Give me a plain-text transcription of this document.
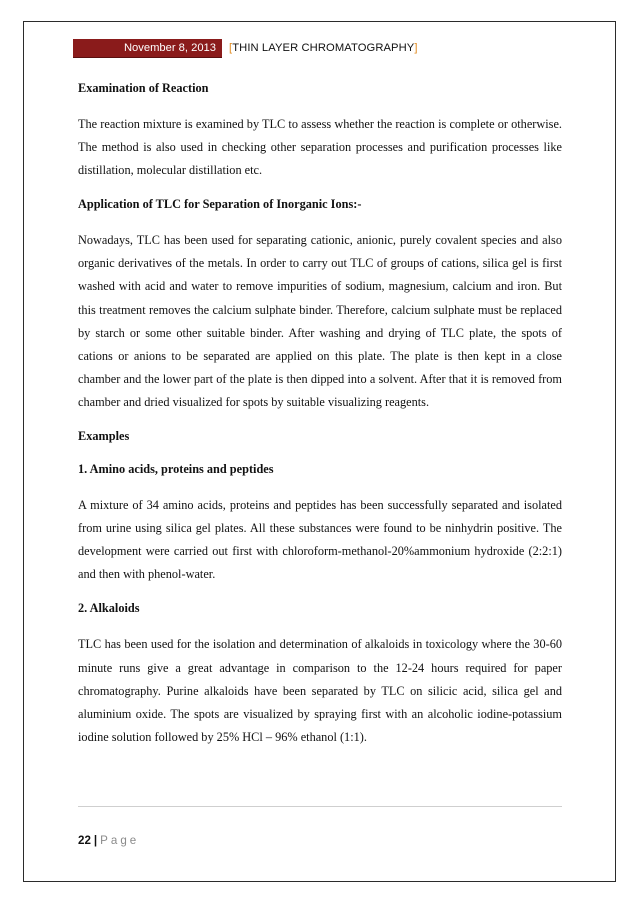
November 8, 2013	[THIN LAYER CHROMATOGRAPHY]
Examination of Reaction

The reaction mixture is examined by TLC to assess whether the reaction is complete or otherwise. The method is also used in checking other separation processes and purification processes like distillation, molecular distillation etc.

Application of TLC for Separation of Inorganic Ions:-

Nowadays, TLC has been used for separating cationic, anionic, purely covalent species and also organic derivatives of the metals. In order to carry out TLC of groups of cations, silica gel is first washed with acid and water to remove impurities of sodium, magnesium, calcium and iron. But this treatment removes the calcium sulphate binder. Therefore, calcium sulphate must be replaced by starch or some other suitable binder. After washing and drying of TLC plate, the spots of cations or anions to be separated are applied on this plate. The plate is then kept in a close chamber and the lower part of the plate is then dipped into a solvent. After that it is removed from chamber and dried visualized for spots by suitable visualizing reagents.

Examples
1. Amino acids, proteins and peptides

A mixture of 34 amino acids, proteins and peptides has been successfully separated and isolated from urine using silica gel plates. All these substances were found to be ninhydrin positive. The development were carried out first with chloroform-methanol-20%ammonium hydroxide (2:2:1) and then with phenol-water.

2. Alkaloids

TLC has been used for the isolation and determination of alkaloids in toxicology where the 30-60 minute runs give a great advantage in comparison to the 12-24 hours required for paper chromatography. Purine alkaloids have been separated by TLC on silicic acid, silica gel and aluminium oxide. The spots are visualized by spraying first with an alcoholic iodine-potassium iodine solution followed by 25% HCl – 96% ethanol (1:1).

22 | Page
